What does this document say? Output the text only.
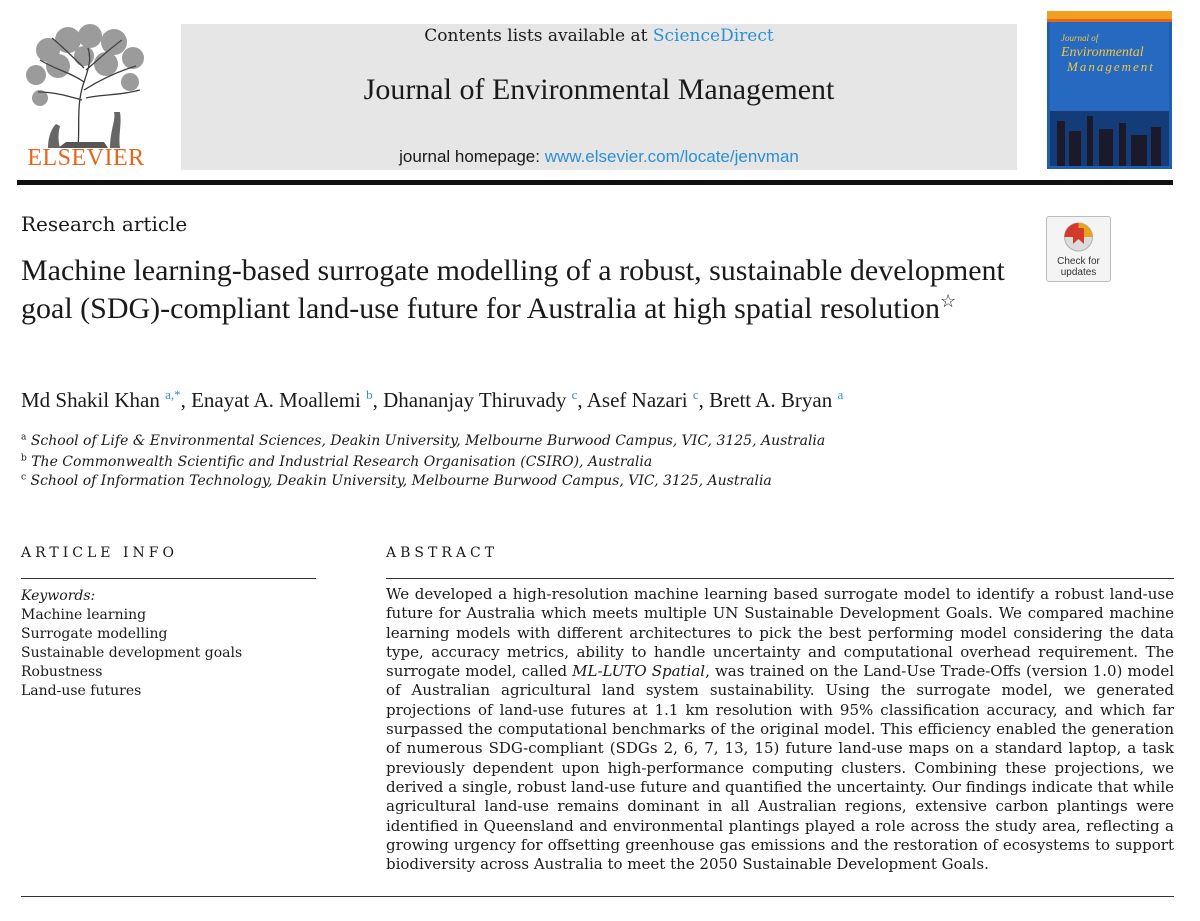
ELSEVIER
Contents lists available at ScienceDirect
Journal of Environmental Management
journal homepage: www.elsevier.com/locate/jenvman
Journal of
Environmental
Management
Research article
Machine learning-based surrogate modelling of a robust, sustainable development goal (SDG)-compliant land-use future for Australia at high spatial resolution☆
Check for
updates
Md Shakil Khan $^{a,*}$, Enayat A. Moallemi $^b$, Dhananjay Thiruvady $^c$, Asef Nazari $^c$, Brett A. Bryan $^a$
$^a$ School of Life & Environmental Sciences, Deakin University, Melbourne Burwood Campus, VIC, 3125, Australia
$^b$ The Commonwealth Scientific and Industrial Research Organisation (CSIRO), Australia
$^c$ School of Information Technology, Deakin University, Melbourne Burwood Campus, VIC, 3125, Australia
ARTICLE INFO
Keywords:
Machine learning
Surrogate modelling
Sustainable development goals
Robustness
Land-use futures
ABSTRACT
We developed a high-resolution machine learning based surrogate model to identify a robust land-use future for Australia which meets multiple UN Sustainable Development Goals. We compared machine learning models with different architectures to pick the best performing model considering the data type, accuracy metrics, ability to handle uncertainty and computational overhead requirement. The surrogate model, called ML-LUTO Spatial, was trained on the Land-Use Trade-Offs (version 1.0) model of Australian agricultural land system sustainability. Using the surrogate model, we generated projections of land-use futures at 1.1 km resolution with 95% classification accuracy, and which far surpassed the computational benchmarks of the original model. This efficiency enabled the generation of numerous SDG-compliant (SDGs 2, 6, 7, 13, 15) future land-use maps on a standard laptop, a task previously dependent upon high-performance computing clusters. Combining these projections, we derived a single, robust land-use future and quantified the uncertainty. Our findings indicate that while agricultural land-use remains dominant in all Australian regions, extensive carbon plantings were identified in Queensland and environmental plantings played a role across the study area, reflecting a growing urgency for offsetting greenhouse gas emissions and the restoration of ecosystems to support biodiversity across Australia to meet the 2050 Sustainable Development Goals.
